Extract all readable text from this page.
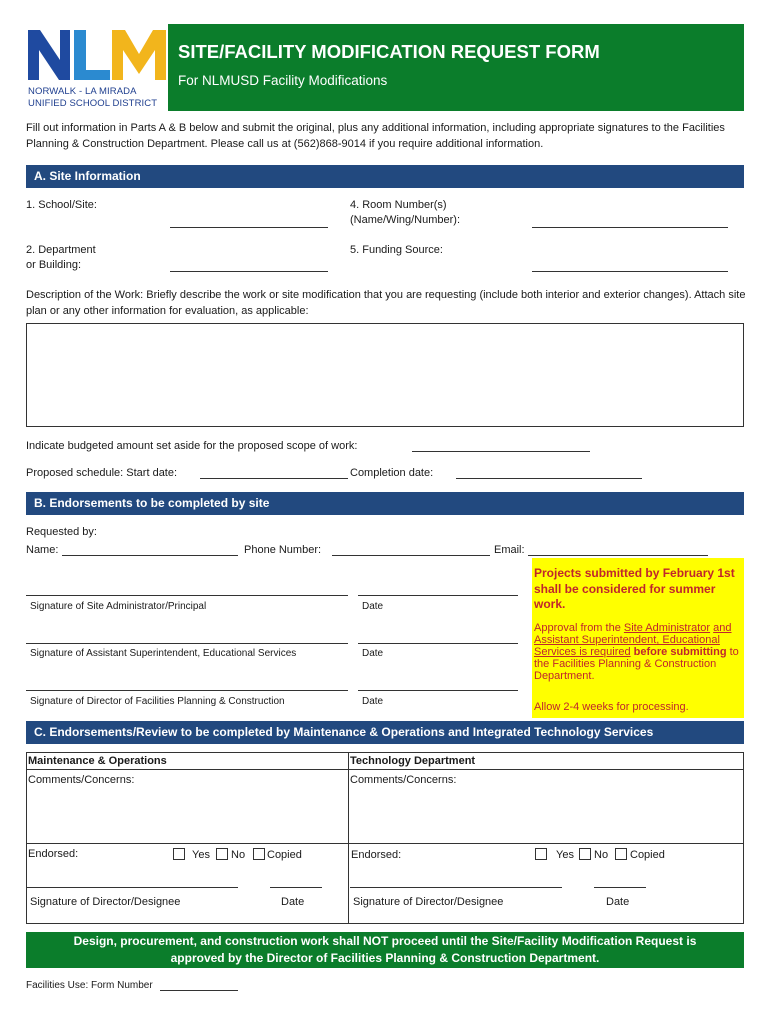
NORWALK - LA MIRADA
UNIFIED SCHOOL DISTRICT
SITE/FACILITY MODIFICATION REQUEST FORM
For NLMUSD Facility Modifications
Fill out information in Parts A & B below and submit the original, plus any additional information, including appropriate signatures to the Facilities Planning & Construction Department. Please call us at (562)868-9014 if you require additional information.
A. Site Information
1. School/Site:	4. Room Number(s)
(Name/Wing/Number):
2. Department
or Building:
5. Funding Source:
Description of the Work: Briefly describe the work or site modification that you are requesting (include both interior and exterior changes). Attach site plan or any other information for evaluation, as applicable:
Indicate budgeted amount set aside for the proposed scope of work:
Proposed schedule: Start date:	Completion date:
B. Endorsements to be completed by site
Requested by:
Name:	Phone Number:	Email:
Signature of Site Administrator/Principal	Date
Signature of Assistant Superintendent, Educational Services	Date
Signature of Director of Facilities Planning & Construction	Date
Projects submitted by February 1st shall be considered for summer work.
Approval from the Site Administrator and Assistant Superintendent, Educational Services is required before submitting to the Facilities Planning & Construction Department.
Allow 2-4 weeks for processing.
C. Endorsements/Review to be completed by Maintenance & Operations and Integrated Technology Services
Maintenance & Operations	Technology Department
Comments/Concerns:	Comments/Concerns:
Endorsed:	Yes No Copied	Endorsed:	Yes No Copied
Signature of Director/Designee	Date	Signature of Director/Designee	Date
Design, procurement, and construction work shall NOT proceed until the Site/Facility Modification Request is
approved by the Director of Facilities Planning & Construction Department.
Facilities Use: Form Number
